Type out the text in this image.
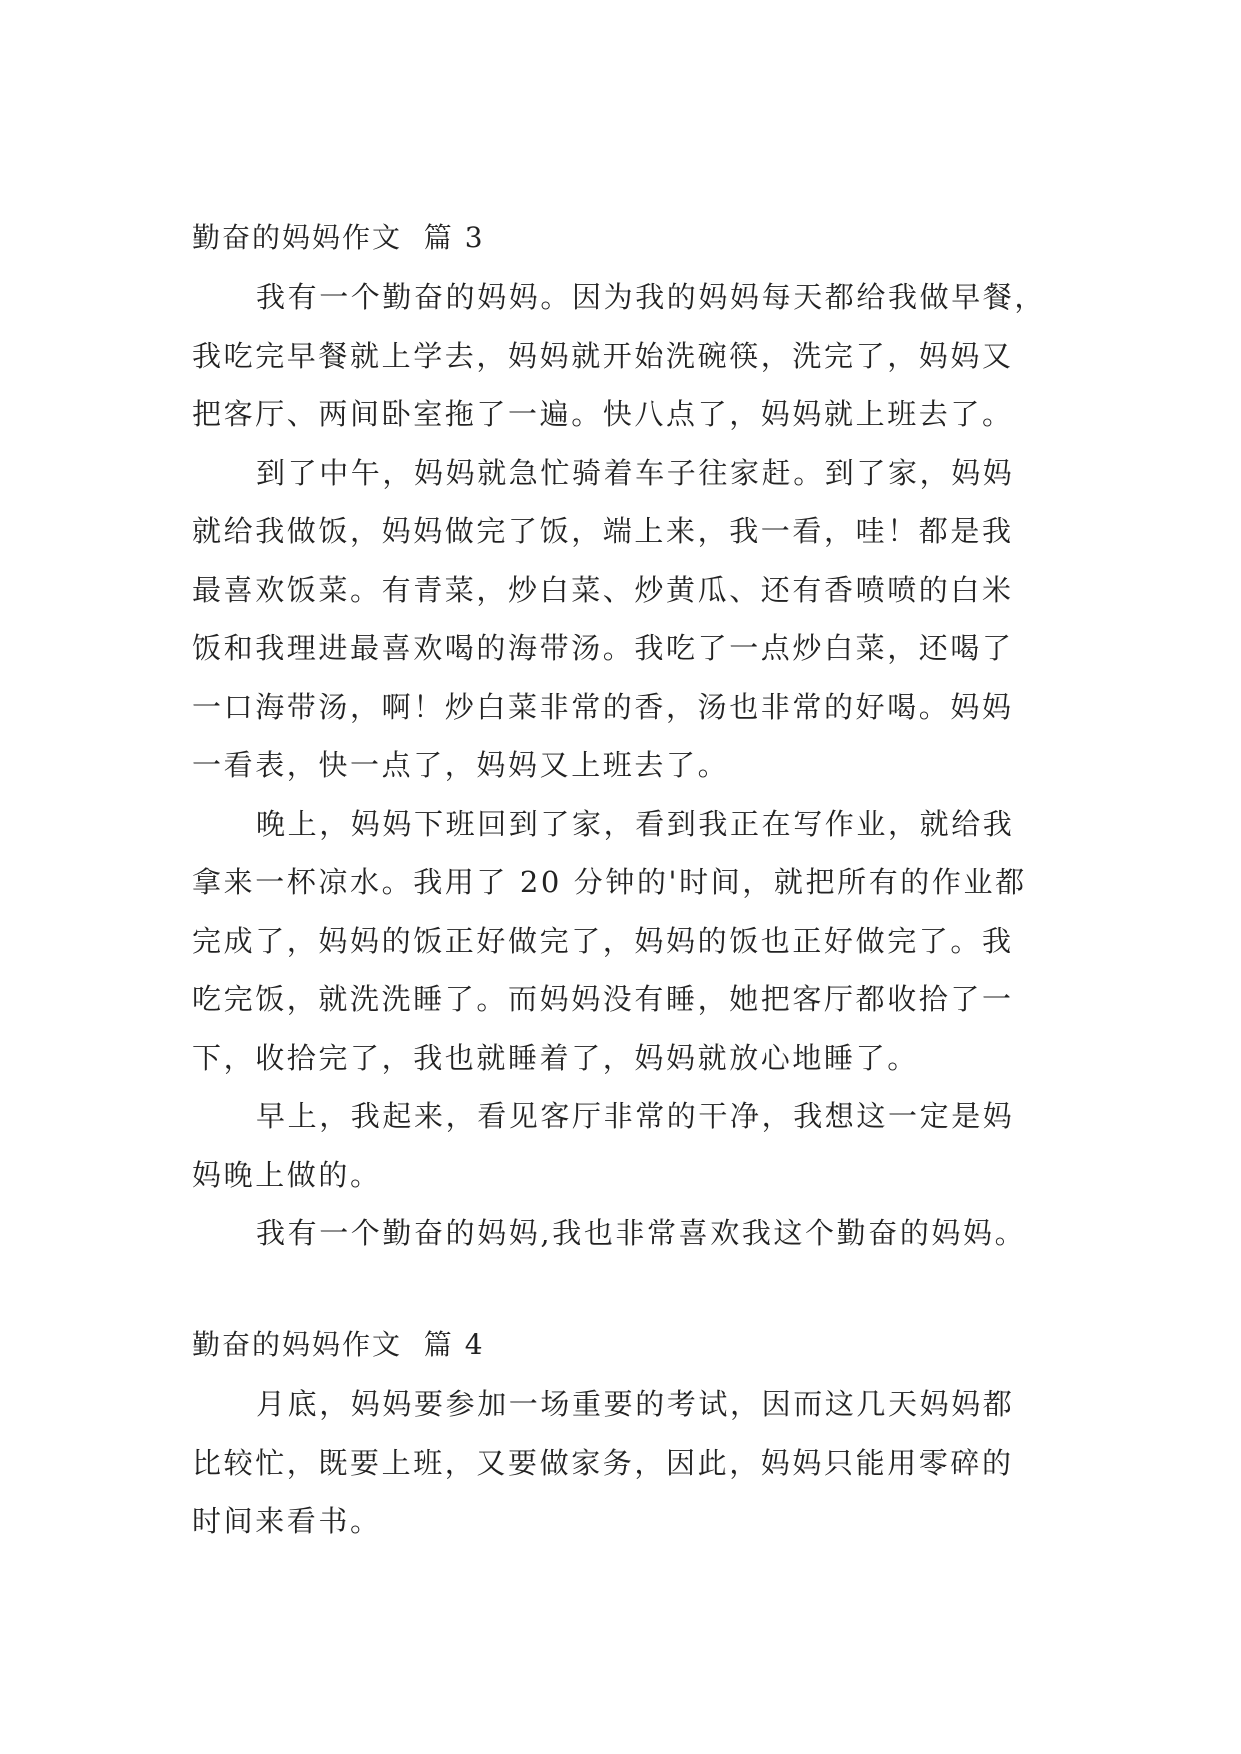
勤奋的妈妈作文  篇 3

我有一个勤奋的妈妈。因为我的妈妈每天都给我做早餐，
我吃完早餐就上学去，妈妈就开始洗碗筷，洗完了，妈妈又
把客厅、两间卧室拖了一遍。快八点了，妈妈就上班去了。

到了中午，妈妈就急忙骑着车子往家赶。到了家，妈妈
就给我做饭，妈妈做完了饭，端上来，我一看，哇！都是我
最喜欢饭菜。有青菜，炒白菜、炒黄瓜、还有香喷喷的白米
饭和我理进最喜欢喝的海带汤。我吃了一点炒白菜，还喝了
一口海带汤，啊！炒白菜非常的香，汤也非常的好喝。妈妈
一看表，快一点了，妈妈又上班去了。

晚上，妈妈下班回到了家，看到我正在写作业，就给我
拿来一杯凉水。我用了 20 分钟的'时间，就把所有的作业都
完成了，妈妈的饭正好做完了，妈妈的饭也正好做完了。我
吃完饭，就洗洗睡了。而妈妈没有睡，她把客厅都收拾了一
下，收拾完了，我也就睡着了，妈妈就放心地睡了。

早上，我起来，看见客厅非常的干净，我想这一定是妈
妈晚上做的。

我有一个勤奋的妈妈,我也非常喜欢我这个勤奋的妈妈。

勤奋的妈妈作文  篇 4

月底，妈妈要参加一场重要的考试，因而这几天妈妈都
比较忙，既要上班，又要做家务，因此，妈妈只能用零碎的
时间来看书。
